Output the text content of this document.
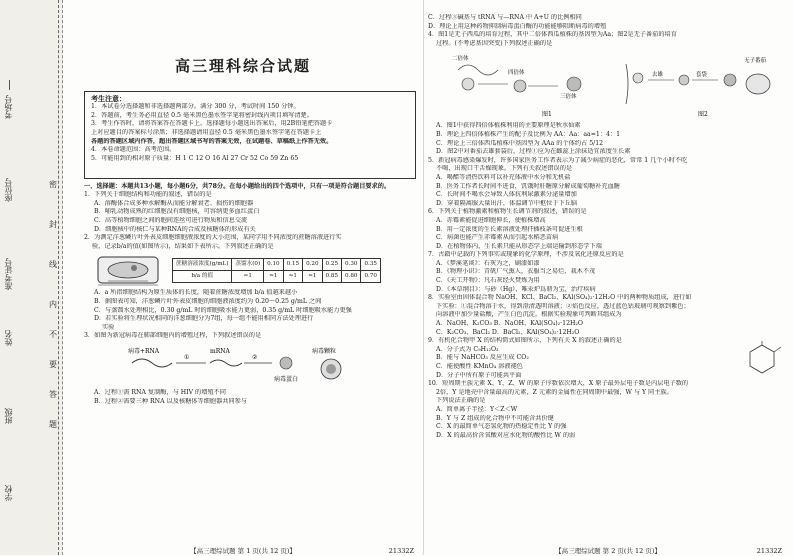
考场号
座位号
准考证号
姓名
班级
学校
密
封
线
内
不
要
答
题
高三理科综合试题
考生注意：
1．本试卷分选择题和非选择题两部分。满分 300 分，考试时间 150 分钟。
2．答题前，考生务必用直径 0.5 毫米黑色墨水签字笔将密封线内项目填写清楚。
3．考生作答时，请将答案答在答题卡上。选择题每小题选出答案后，用2B铅笔把答题卡
上对应题目的答案标号涂黑；非选择题请用直径 0.5 毫米黑色墨水签字笔在答题卡上
各题的答题区域内作答，超出答题区域书写的答案无效，在试题卷、草稿纸上作答无效。
4．本卷命题范围：高考范围。
5．可能用到的相对原子质量：H 1 C 12 O 16 Al 27 Cr 52 Co 59 Zn 65
一、选择题：本题共13小题，每小题6分，共78分。在每小题给出的四个选项中，只有一项是符合题目要求的。
1．下列关于细胞结构和功能的叙述，错误的是
A．溶酶体合成多种水解酶从而能分解衰老、损伤的细胞器
B．哺乳动物成熟的红细胞没有细胞核，可容纳更多血红蛋白
C．高等植物细胞之间的胞间连丝可进行物质和信息交流
D．细胞核中的核仁与某种RNA的合成及核糖体的形成有关
2．为测定洋葱鳞片叶外表皮细胞细胞液浓度的大小范围，某同学用不同浓度的蔗糖溶液进行实
验，记录b/a的值(如图所示)，结果如下表所示。下列叙述正确的是
蔗糖溶液浓度(g/mL)	蒸馏水(0)	0.10	0.15	0.20	0.25	0.30	0.35
b/a 的值	≈1	≈1	≈1	≈1	0.85	0.80	0.70
A．a 所指细胞结构为原生质体的长度，随着蔗糖浓度增加 b/a 值越来越小
B．据图表可知，洋葱鳞片叶外表皮细胞的细胞液浓度约为 0.20～0.25 g/mL 之间
C．与蒸馏水处理相比，0.30 g/mL 时的细胞吸水能力更弱，0.35 g/mL 时细胞吸水能力更强
D．若实验将生理状况相同的洋葱细胞分为7组，每一组不能用相同方法处理进行
实验
3．如图为新冠病毒在肺部细胞内的增殖过程，下列叙述错误的是
病毒+RNA
①
mRNA
②
病毒蛋白
病毒颗粒
A．过程①需 RNA 复制酶，与 HIV 的增殖不同
B．过程②需要三种 RNA 以及核糖体等细胞器共同参与
【高三理综试题 第 1 页(共 12 页)】	21332Z
C．过程③碱基与 tRNA 与—RNA 中 A+U 的比例相同
D．理论上用这种药物抑制病毒蛋白酶的功能能够阻断病毒的增殖
4．图1是无子西瓜的培育过程，其中二倍体西瓜植株的基因型为Aa；图2是无子番茄的培育
过程。(不考虑基因突变)下列叙述正确的是
二倍体
四倍体
三倍体
图1
去雄	套袋
无子番茄
图2
A．图1中获得四倍体植株利用的主要原理是秋水仙素
B．理论上四倍体植株产生的配子及比例为 AA：Aa：aa=1：4：1
C．理论上三倍体西瓜植株中基因型为 AAa 的个体约占 5/12
D．图2中对番茄去雄套袋后，过程①应为在雌蕊上涂抹适宜浓度生长素
5．新冠病毒感染爆发时，许多国家医务工作者表示为了减少病症的恶化，常常 1 几个小时不吃
不喝，出现口干舌燥现象。下列有关叙述错误的是
A．喝醋等清热饮料可以补充体液中水分和无机盐
B．医务工作者长时间不进食，饥饿时肝糖原分解成葡萄糖补充血糖
C．长时间不喝水会导致人体抗利尿激素分泌量增加
D．穿着隔离服大量出汗，体温调节中枢位于下丘脑
6．下列关于植物激素和植物生长调节剂的叙述，错误的是
A．赤霉素能促进细胞伸长，使植株增高
B．用一定浓度的生长素溶液处理扦插枝条可促进生根
C．病菌也能产生赤霉素从而引起水稻恶苗病
D．在植物体内，生长素只能从形态学上端运输到形态学下端
7．古籍中记载的下列事实或现象的化学原理，不涉及氧化还原反应的是
A．《梦溪笔谈》：石灰为之，刷漆如漆
B．《物理小识》：青矾厂气熏人，衣服当之易烂，栽木不茂
C．《天工开物》：凡石灰经火焚炼为用
D．《本草纲目》：与砂（Hg）、唯汞炉爲鼎为宝，治疗疾病
8．实验室由固体混合物 NaOH、KCl、BaCl₂、KAl(SO₄)₂·12H₂O 中的两种物质组成，进行如
下实验：①混合物溶于水，得到澄清透明溶液；②焰色反应，透过蓝色钴玻璃可观察到紫色；
向溶液中加少量盐酸，产生白色沉淀。根据实验现象可判断其组成为
A．NaOH、K₂CO₃ B．NaOH、KAl(SO₄)₂·12H₂O
C．K₂CO₃、BaCl₂ D．BaCl₂、KAl(SO₄)₂·12H₂O
9．有机化合物甲 X 的结构简式如图所示，下列有关 X 的叙述正确的是
A．分子式为 C₉H₁₂O₃
B．能与 NaHCO₃ 反应生成 CO₂
C．能使酸性 KMnO₄ 溶液褪色
D．分子中所有原子可能共平面
10．短周期主族元素 X、Y、Z、W 的原子序数依次增大，X 原子最外层电子数是内层电子数的
2倍，Y 是地壳中含量最高的元素，Z 元素的金属性在同周期中最强，W 与 Y 同主族。
下列说法正确的是
A．简单离子半径：Y＜Z＜W
B．Y 与 Z 组成的化合物中不可能含共价键
C．X 的最简单气态氢化物的热稳定性比 Y 的强
D．X 的最高价含氧酸对应水化物的酸性比 W 的弱
【高三理综试题 第 2 页(共 12 页)】	21332Z
